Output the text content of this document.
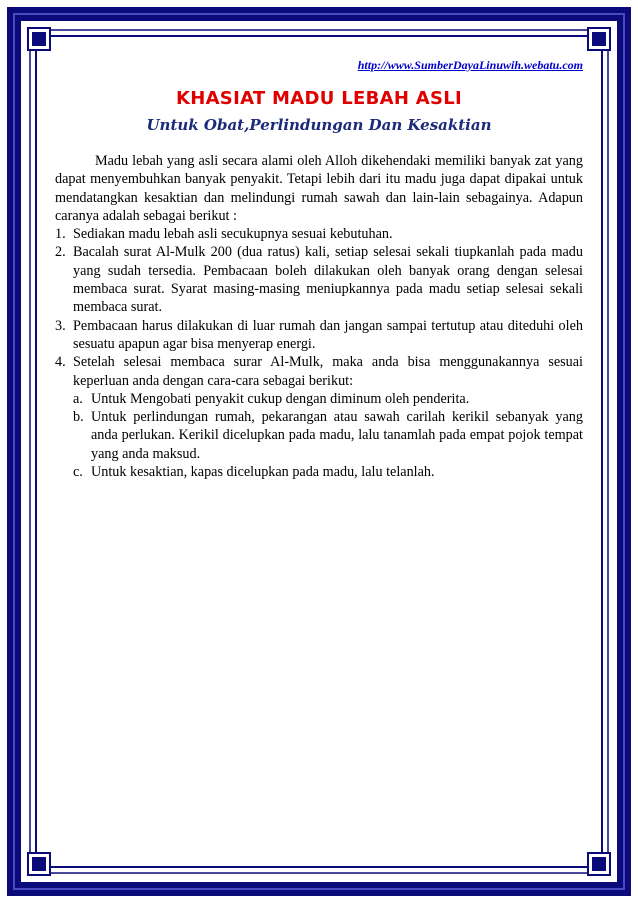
http://www.SumberDayaLinuwih.webatu.com
KHASIAT MADU LEBAH ASLI
Untuk Obat,Perlindungan Dan Kesaktian

Madu lebah yang asli secara alami oleh Alloh dikehendaki memiliki banyak zat yang dapat menyembuhkan banyak penyakit. Tetapi lebih dari itu madu juga dapat dipakai untuk mendatangkan kesaktian dan melindungi rumah sawah dan lain-lain sebagainya. Adapun caranya adalah sebagai berikut :

1. Sediakan madu lebah asli secukupnya sesuai kebutuhan.
2. Bacalah surat Al-Mulk 200 (dua ratus) kali, setiap selesai sekali tiupkanlah pada madu yang sudah tersedia. Pembacaan boleh dilakukan oleh banyak orang dengan selesai membaca surat. Syarat masing-masing meniupkannya pada madu setiap selesai sekali membaca surat.
3. Pembacaan harus dilakukan di luar rumah dan jangan sampai tertutup atau diteduhi oleh sesuatu apapun agar bisa menyerap energi.
4. Setelah selesai membaca surar Al-Mulk, maka anda bisa menggunakannya sesuai keperluan anda dengan cara-cara sebagai berikut:
a. Untuk Mengobati penyakit cukup dengan diminum oleh penderita.
b. Untuk perlindungan rumah, pekarangan atau sawah carilah kerikil sebanyak yang anda perlukan. Kerikil dicelupkan pada madu, lalu tanamlah pada empat pojok tempat yang anda maksud.
c. Untuk kesaktian, kapas dicelupkan pada madu, lalu telanlah.
